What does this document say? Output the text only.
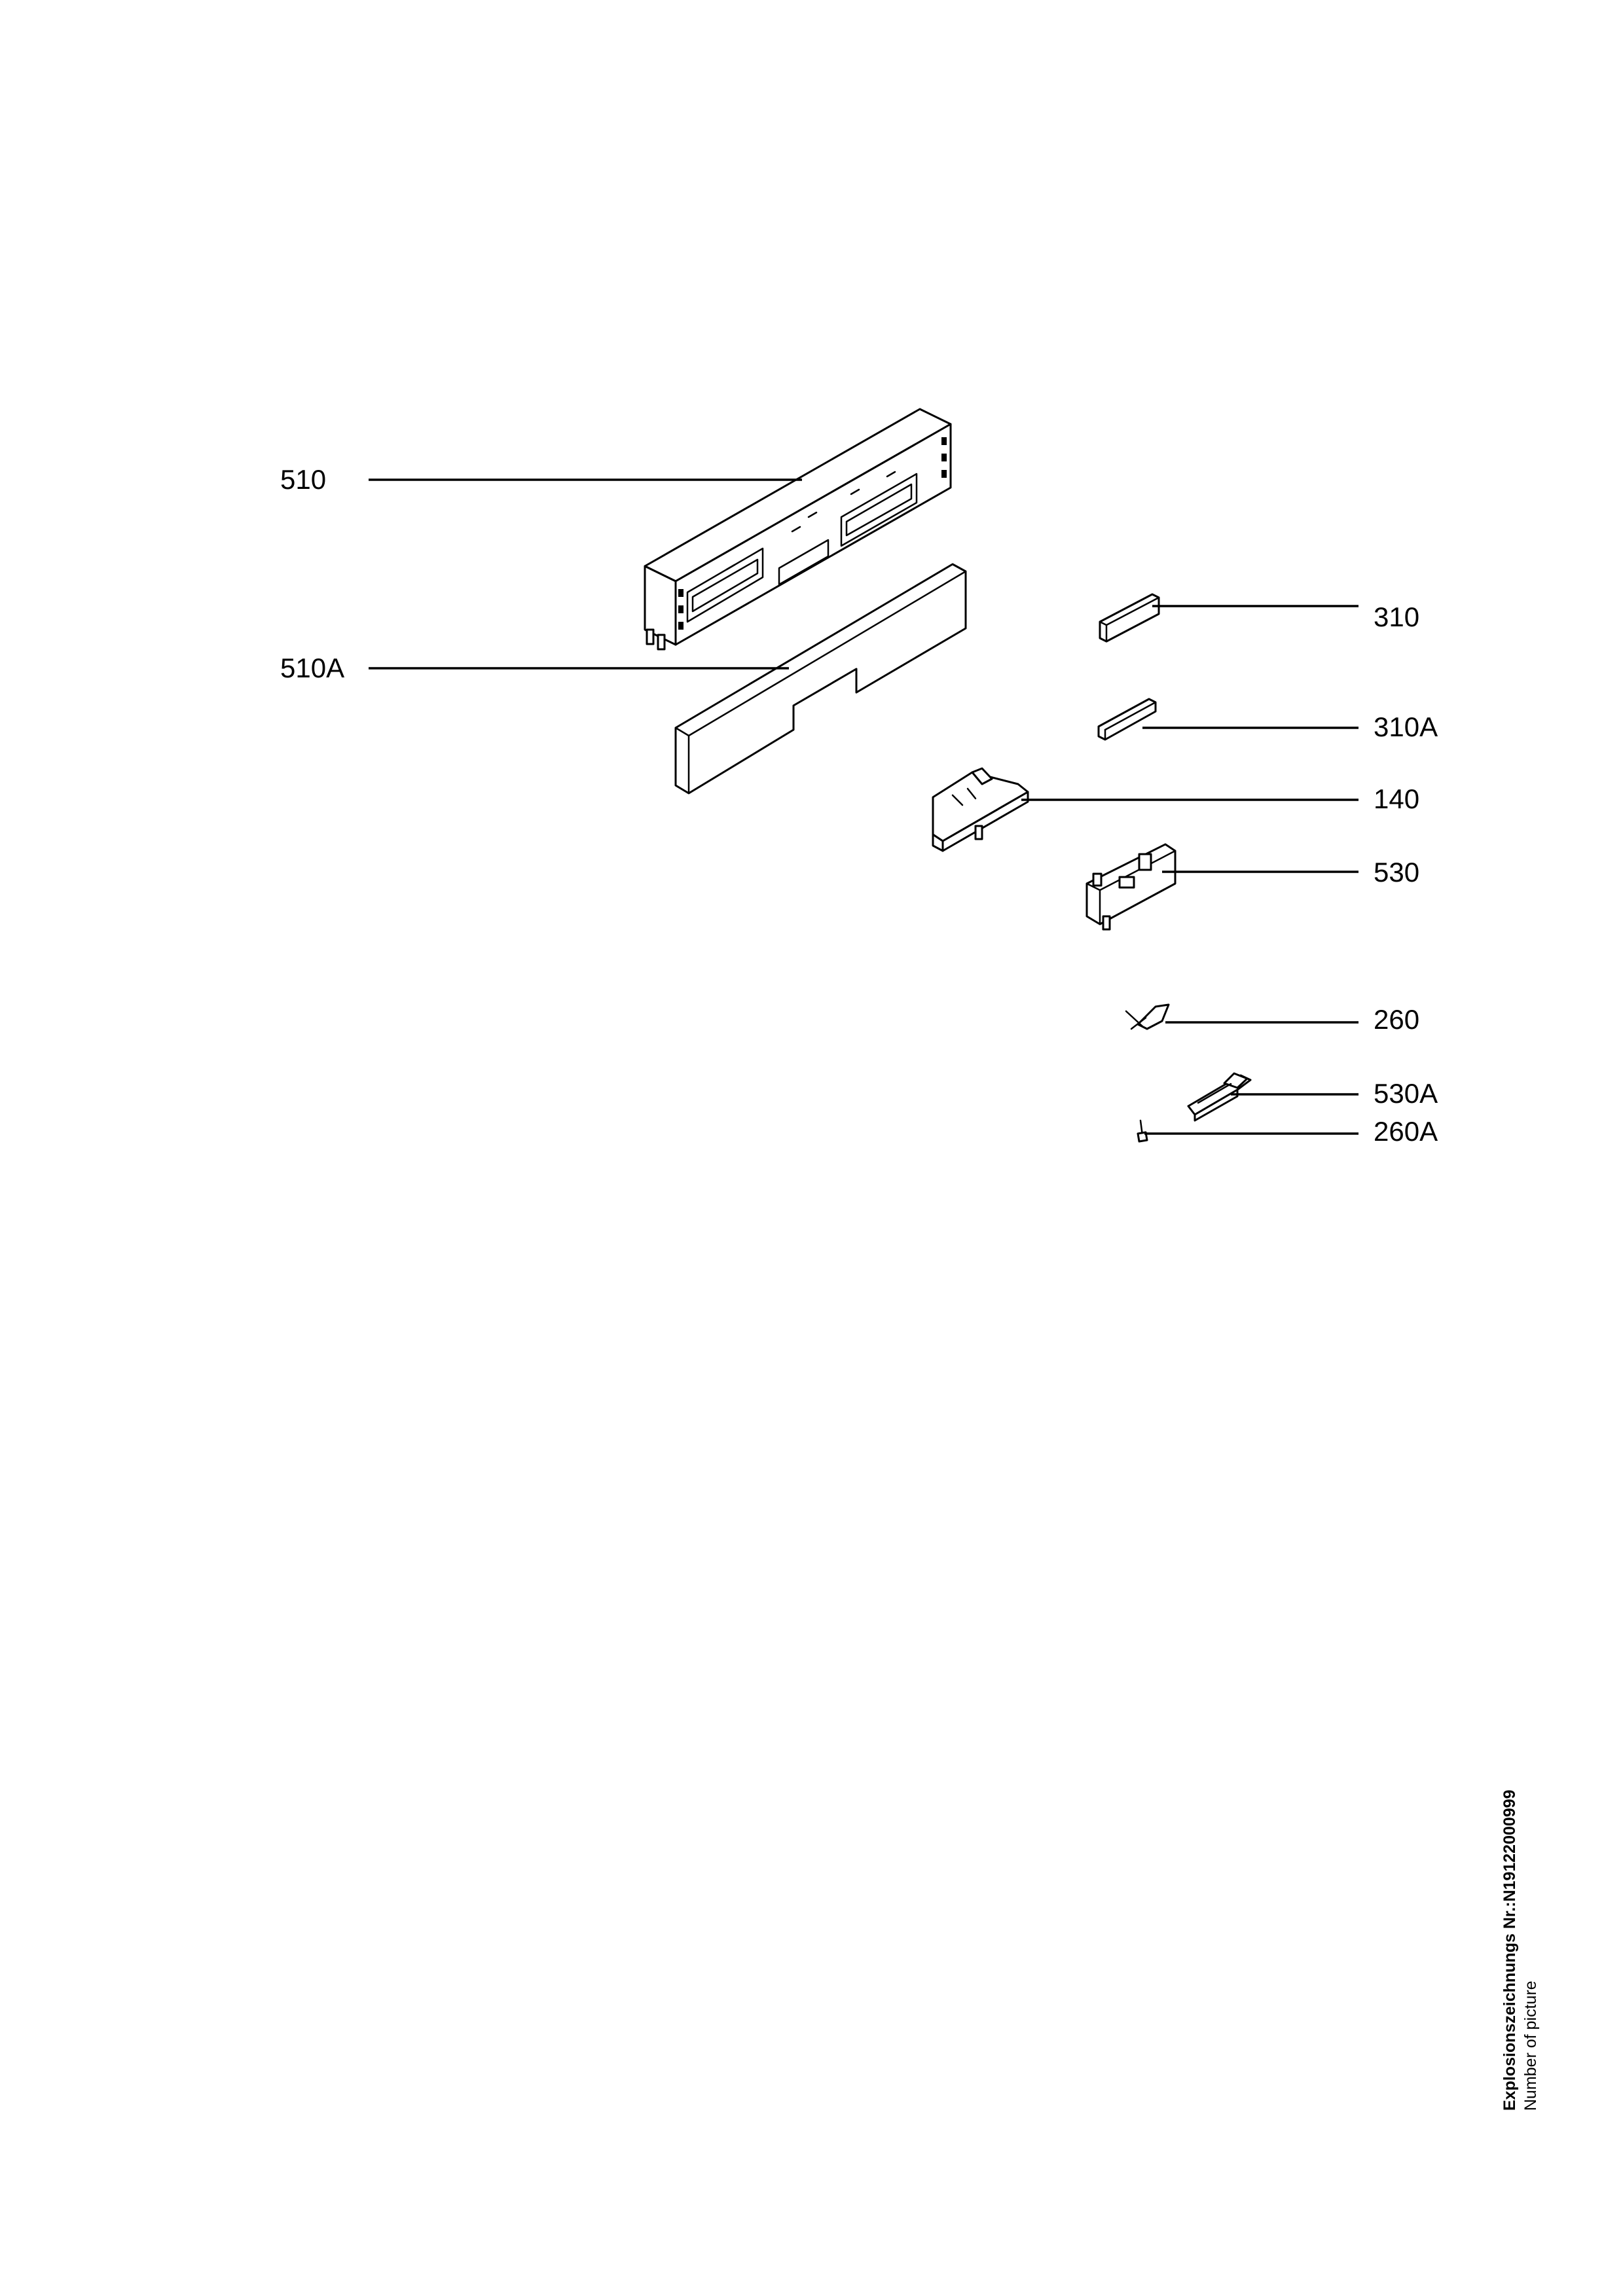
510
510A
310
310A
140
530
260
530A
260A
Explosionszeichnungs Nr.:N19122000999 Number of picture
